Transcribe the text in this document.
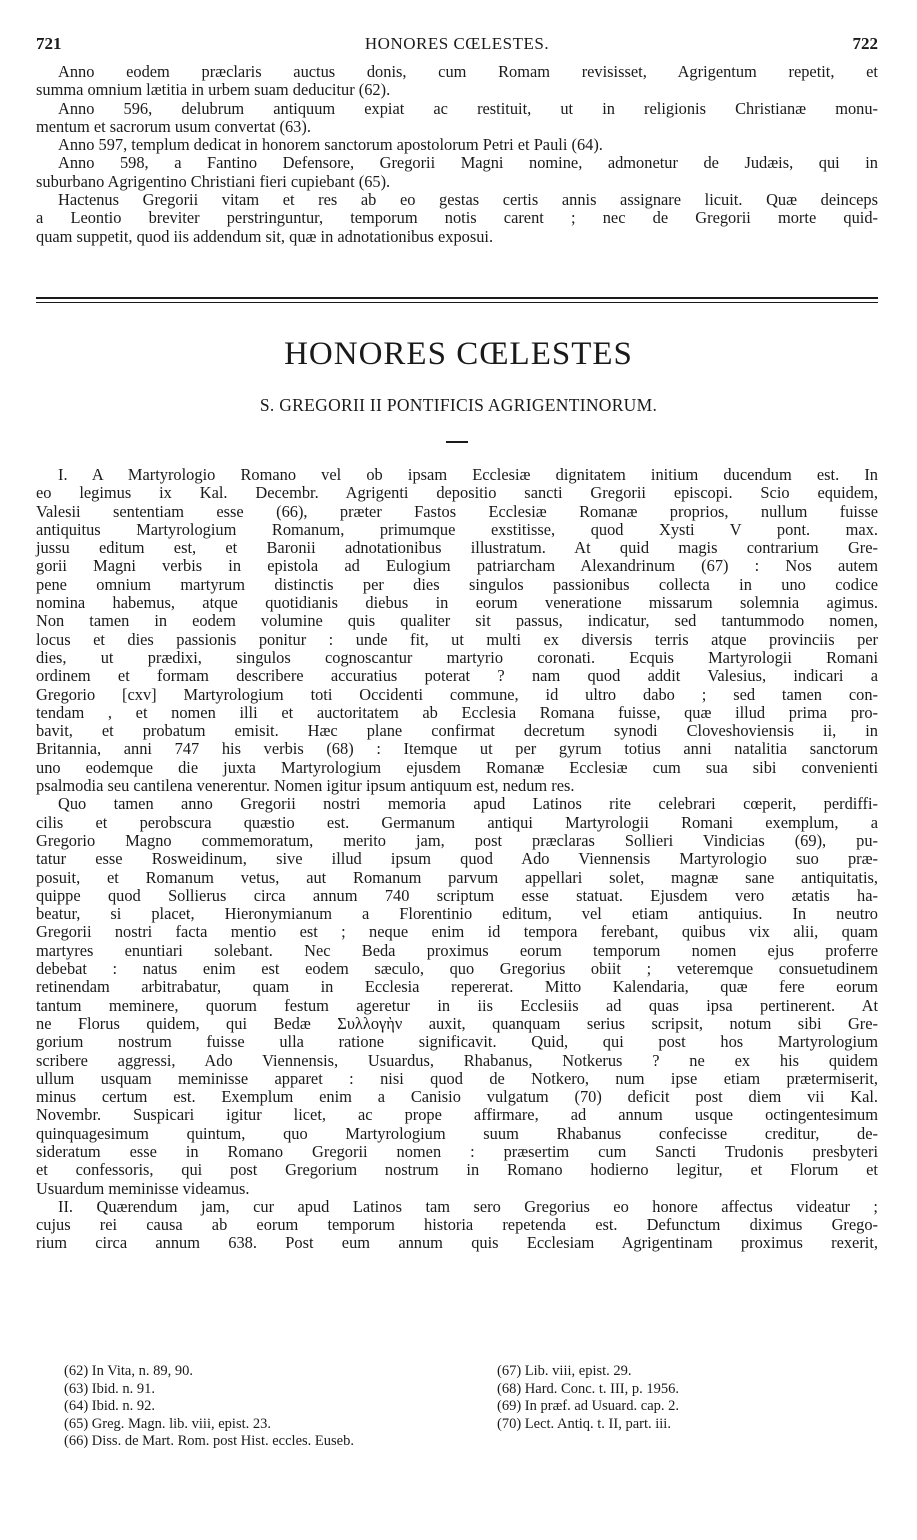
721	HONORES CŒLESTES.	722
Anno eodem præclaris auctus donis, cum Romam revisisset, Agrigentum repetit, et
summa omnium lætitia in urbem suam deducitur (62).
Anno 596, delubrum antiquum expiat ac restituit, ut in religionis Christianæ monu-
mentum et sacrorum usum convertat (63).
Anno 597, templum dedicat in honorem sanctorum apostolorum Petri et Pauli (64).
Anno 598, a Fantino Defensore, Gregorii Magni nomine, admonetur de Judæis, qui in
suburbano Agrigentino Christiani fieri cupiebant (65).
Hactenus Gregorii vitam et res ab eo gestas certis annis assignare licuit. Quæ deinceps
a Leontio breviter perstringuntur, temporum notis carent ; nec de Gregorii morte quid-
quam suppetit, quod iis addendum sit, quæ in adnotationibus exposui.
HONORES CŒLESTES
S. GREGORII II PONTIFICIS AGRIGENTINORUM.
I. A Martyrologio Romano vel ob ipsam Ecclesiæ dignitatem initium ducendum est. In
eo legimus ix Kal. Decembr. Agrigenti depositio sancti Gregorii episcopi. Scio equidem,
Valesii sententiam esse (66), præter Fastos Ecclesiæ Romanæ proprios, nullum fuisse
antiquitus Martyrologium Romanum, primumque exstitisse, quod Xysti V pont. max.
jussu editum est, et Baronii adnotationibus illustratum. At quid magis contrarium Gre-
gorii Magni verbis in epistola ad Eulogium patriarcham Alexandrinum (67) : Nos autem
pene omnium martyrum distinctis per dies singulos passionibus collecta in uno codice
nomina habemus, atque quotidianis diebus in eorum veneratione missarum solemnia agimus.
Non tamen in eodem volumine quis qualiter sit passus, indicatur, sed tantummodo nomen,
locus et dies passionis ponitur : unde fit, ut multi ex diversis terris atque provinciis per
dies, ut prædixi, singulos cognoscantur martyrio coronati. Ecquis Martyrologii Romani
ordinem et formam describere accuratius poterat ? nam quod addit Valesius, indicari a
Gregorio [cxv] Martyrologium toti Occidenti commune, id ultro dabo ; sed tamen con-
tendam , et nomen illi et auctoritatem ab Ecclesia Romana fuisse, quæ illud prima pro-
bavit, et probatum emisit. Hæc plane confirmat decretum synodi Cloveshoviensis ii, in
Britannia, anni 747 his verbis (68) : Itemque ut per gyrum totius anni natalitia sanctorum
uno eodemque die juxta Martyrologium ejusdem Romanæ Ecclesiæ cum sua sibi convenienti
psalmodia seu cantilena venerentur. Nomen igitur ipsum antiquum est, nedum res.
Quo tamen anno Gregorii nostri memoria apud Latinos rite celebrari cœperit, perdiffi-
cilis et perobscura quæstio est. Germanum antiqui Martyrologii Romani exemplum, a
Gregorio Magno commemoratum, merito jam, post præclaras Sollieri Vindicias (69), pu-
tatur esse Rosweidinum, sive illud ipsum quod Ado Viennensis Martyrologio suo præ-
posuit, et Romanum vetus, aut Romanum parvum appellari solet, magnæ sane antiquitatis,
quippe quod Sollierus circa annum 740 scriptum esse statuat. Ejusdem vero ætatis ha-
beatur, si placet, Hieronymianum a Florentinio editum, vel etiam antiquius. In neutro
Gregorii nostri facta mentio est ; neque enim id tempora ferebant, quibus vix alii, quam
martyres enuntiari solebant. Nec Beda proximus eorum temporum nomen ejus proferre
debebat : natus enim est eodem sæculo, quo Gregorius obiit ; veteremque consuetudinem
retinendam arbitrabatur, quam in Ecclesia repererat. Mitto Kalendaria, quæ fere eorum
tantum meminere, quorum festum ageretur in iis Ecclesiis ad quas ipsa pertinerent. At
ne Florus quidem, qui Bedæ Συλλογὴν auxit, quanquam serius scripsit, notum sibi Gre-
gorium nostrum fuisse ulla ratione significavit. Quid, qui post hos Martyrologium
scribere aggressi, Ado Viennensis, Usuardus, Rhabanus, Notkerus ? ne ex his quidem
ullum usquam meminisse apparet : nisi quod de Notkero, num ipse etiam prætermiserit,
minus certum est. Exemplum enim a Canisio vulgatum (70) deficit post diem vii Kal.
Novembr. Suspicari igitur licet, ac prope affirmare, ad annum usque octingentesimum
quinquagesimum quintum, quo Martyrologium suum Rhabanus confecisse creditur, de-
sideratum esse in Romano Gregorii nomen : præsertim cum Sancti Trudonis presbyteri
et confessoris, qui post Gregorium nostrum in Romano hodierno legitur, et Florum et
Usuardum meminisse videamus.
II. Quærendum jam, cur apud Latinos tam sero Gregorius eo honore affectus videatur ;
cujus rei causa ab eorum temporum historia repetenda est. Defunctum diximus Grego-
rium circa annum 638. Post eum annum quis Ecclesiam Agrigentinam proximus rexerit,
(62) In Vita, n. 89, 90.
(63) Ibid. n. 91.
(64) Ibid. n. 92.
(65) Greg. Magn. lib. viii, epist. 23.
(66) Diss. de Mart. Rom. post Hist. eccles. Euseb.
(67) Lib. viii, epist. 29.
(68) Hard. Conc. t. III, p. 1956.
(69) In præf. ad Usuard. cap. 2.
(70) Lect. Antiq. t. II, part. iii.
